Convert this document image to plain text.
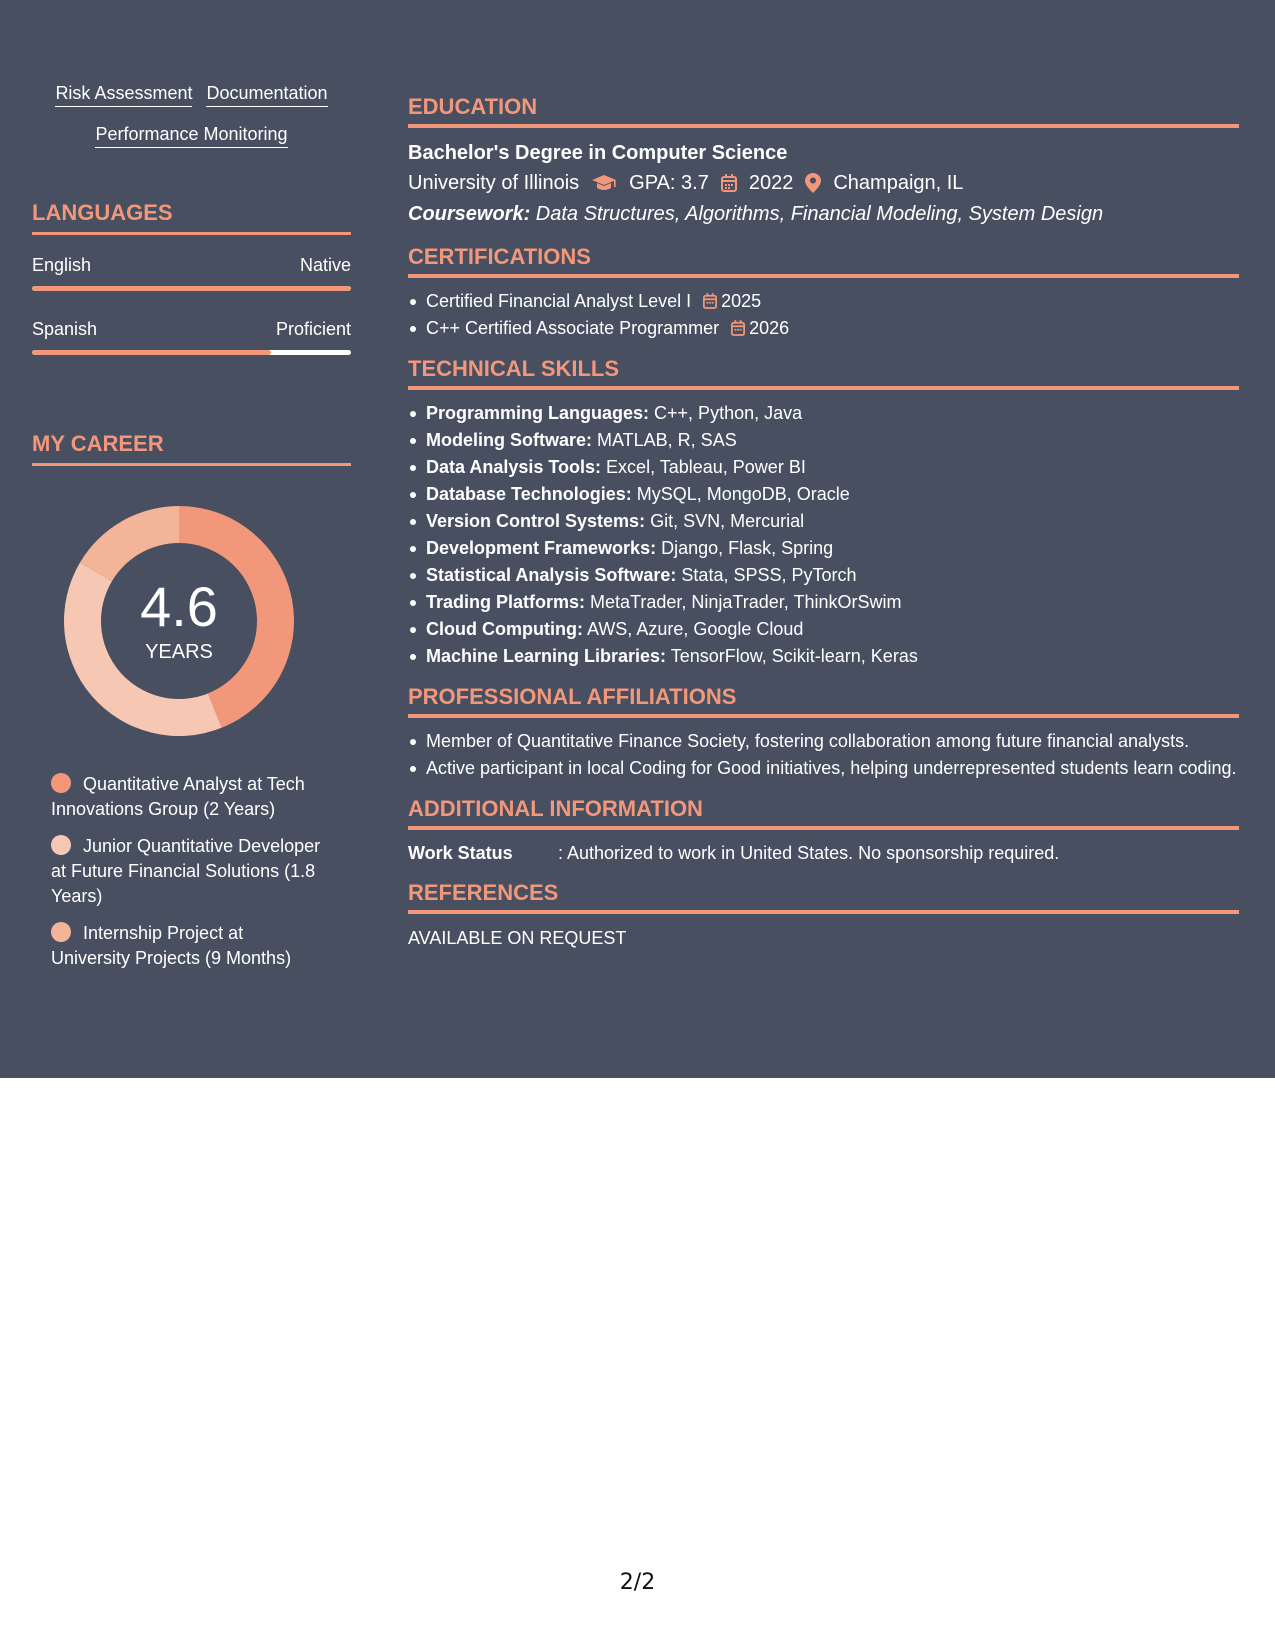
Risk Assessment Documentation
Performance Monitoring
LANGUAGES
English	Native
Spanish	Proficient
MY CAREER
4.6
YEARS
Quantitative Analyst at Tech Innovations Group (2 Years)
Junior Quantitative Developer at Future Financial Solutions (1.8 Years)
Internship Project at University Projects (9 Months)
EDUCATION
Bachelor's Degree in Computer Science
University of Illinois	GPA: 3.7 2022 Champaign, IL
Coursework: Data Structures, Algorithms, Financial Modeling, System Design
CERTIFICATIONS
Certified Financial Analyst Level I 2025
C++ Certified Associate Programmer 2026
TECHNICAL SKILLS
Programming Languages: C++, Python, Java
Modeling Software: MATLAB, R, SAS
Data Analysis Tools: Excel, Tableau, Power BI
Database Technologies: MySQL, MongoDB, Oracle
Version Control Systems: Git, SVN, Mercurial
Development Frameworks: Django, Flask, Spring
Statistical Analysis Software: Stata, SPSS, PyTorch
Trading Platforms: MetaTrader, NinjaTrader, ThinkOrSwim
Cloud Computing: AWS, Azure, Google Cloud
Machine Learning Libraries: TensorFlow, Scikit-learn, Keras
PROFESSIONAL AFFILIATIONS
Member of Quantitative Finance Society, fostering collaboration among future financial analysts.
Active participant in local Coding for Good initiatives, helping underrepresented students learn coding.
ADDITIONAL INFORMATION
Work Status	: Authorized to work in United States. No sponsorship required.
REFERENCES
AVAILABLE ON REQUEST
2/2
